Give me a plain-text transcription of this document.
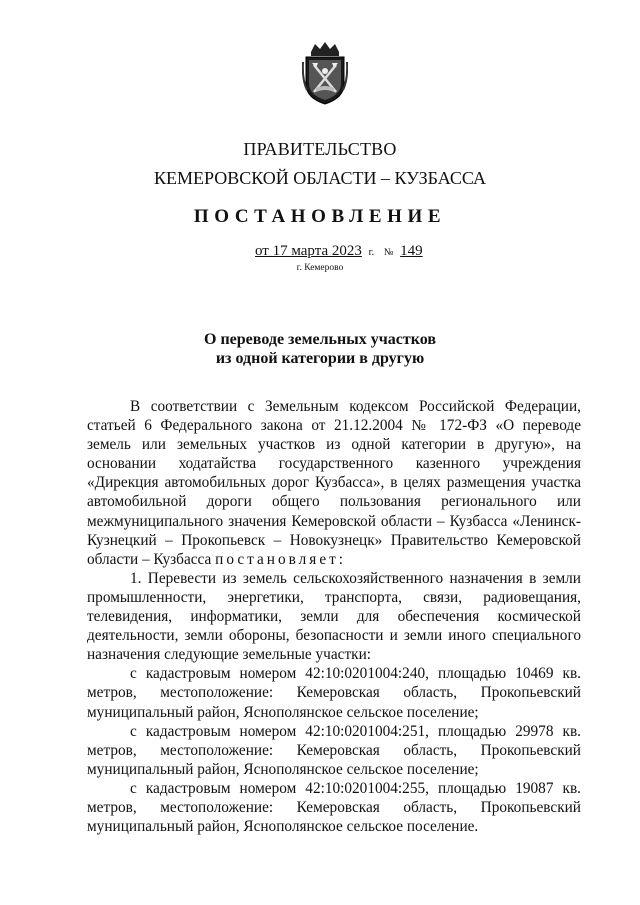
ПРАВИТЕЛЬСТВО
КЕМЕРОВСКОЙ ОБЛАСТИ – КУЗБАССА
ПОСТАНОВЛЕНИЕ
от 17 марта 2023 г. № 149
г. Кемерово
О переводе земельных участков
из одной категории в другую

В соответствии с Земельным кодексом Российской Федерации, статьей 6 Федерального закона от 21.12.2004 № 172-ФЗ «О переводе земель или земельных участков из одной категории в другую», на основании ходатайства государственного казенного учреждения «Дирекция автомобильных дорог Кузбасса», в целях размещения участка автомобильной дороги общего пользования регионального или межмуниципального значения Кемеровской области – Кузбасса «Ленинск-Кузнецкий – Прокопьевск – Новокузнецк» Правительство Кемеровской области – Кузбасса постановляет:

1. Перевести из земель сельскохозяйственного назначения в земли промышленности, энергетики, транспорта, связи, радиовещания, телевидения, информатики, земли для обеспечения космической деятельности, земли обороны, безопасности и земли иного специального назначения следующие земельные участки:

с кадастровым номером 42:10:0201004:240, площадью 10469 кв. метров, местоположение: Кемеровская область, Прокопьевский муниципальный район, Яснополянское сельское поселение;

с кадастровым номером 42:10:0201004:251, площадью 29978 кв. метров, местоположение: Кемеровская область, Прокопьевский муниципальный район, Яснополянское сельское поселение;

с кадастровым номером 42:10:0201004:255, площадью 19087 кв. метров, местоположение: Кемеровская область, Прокопьевский муниципальный район, Яснополянское сельское поселение.
